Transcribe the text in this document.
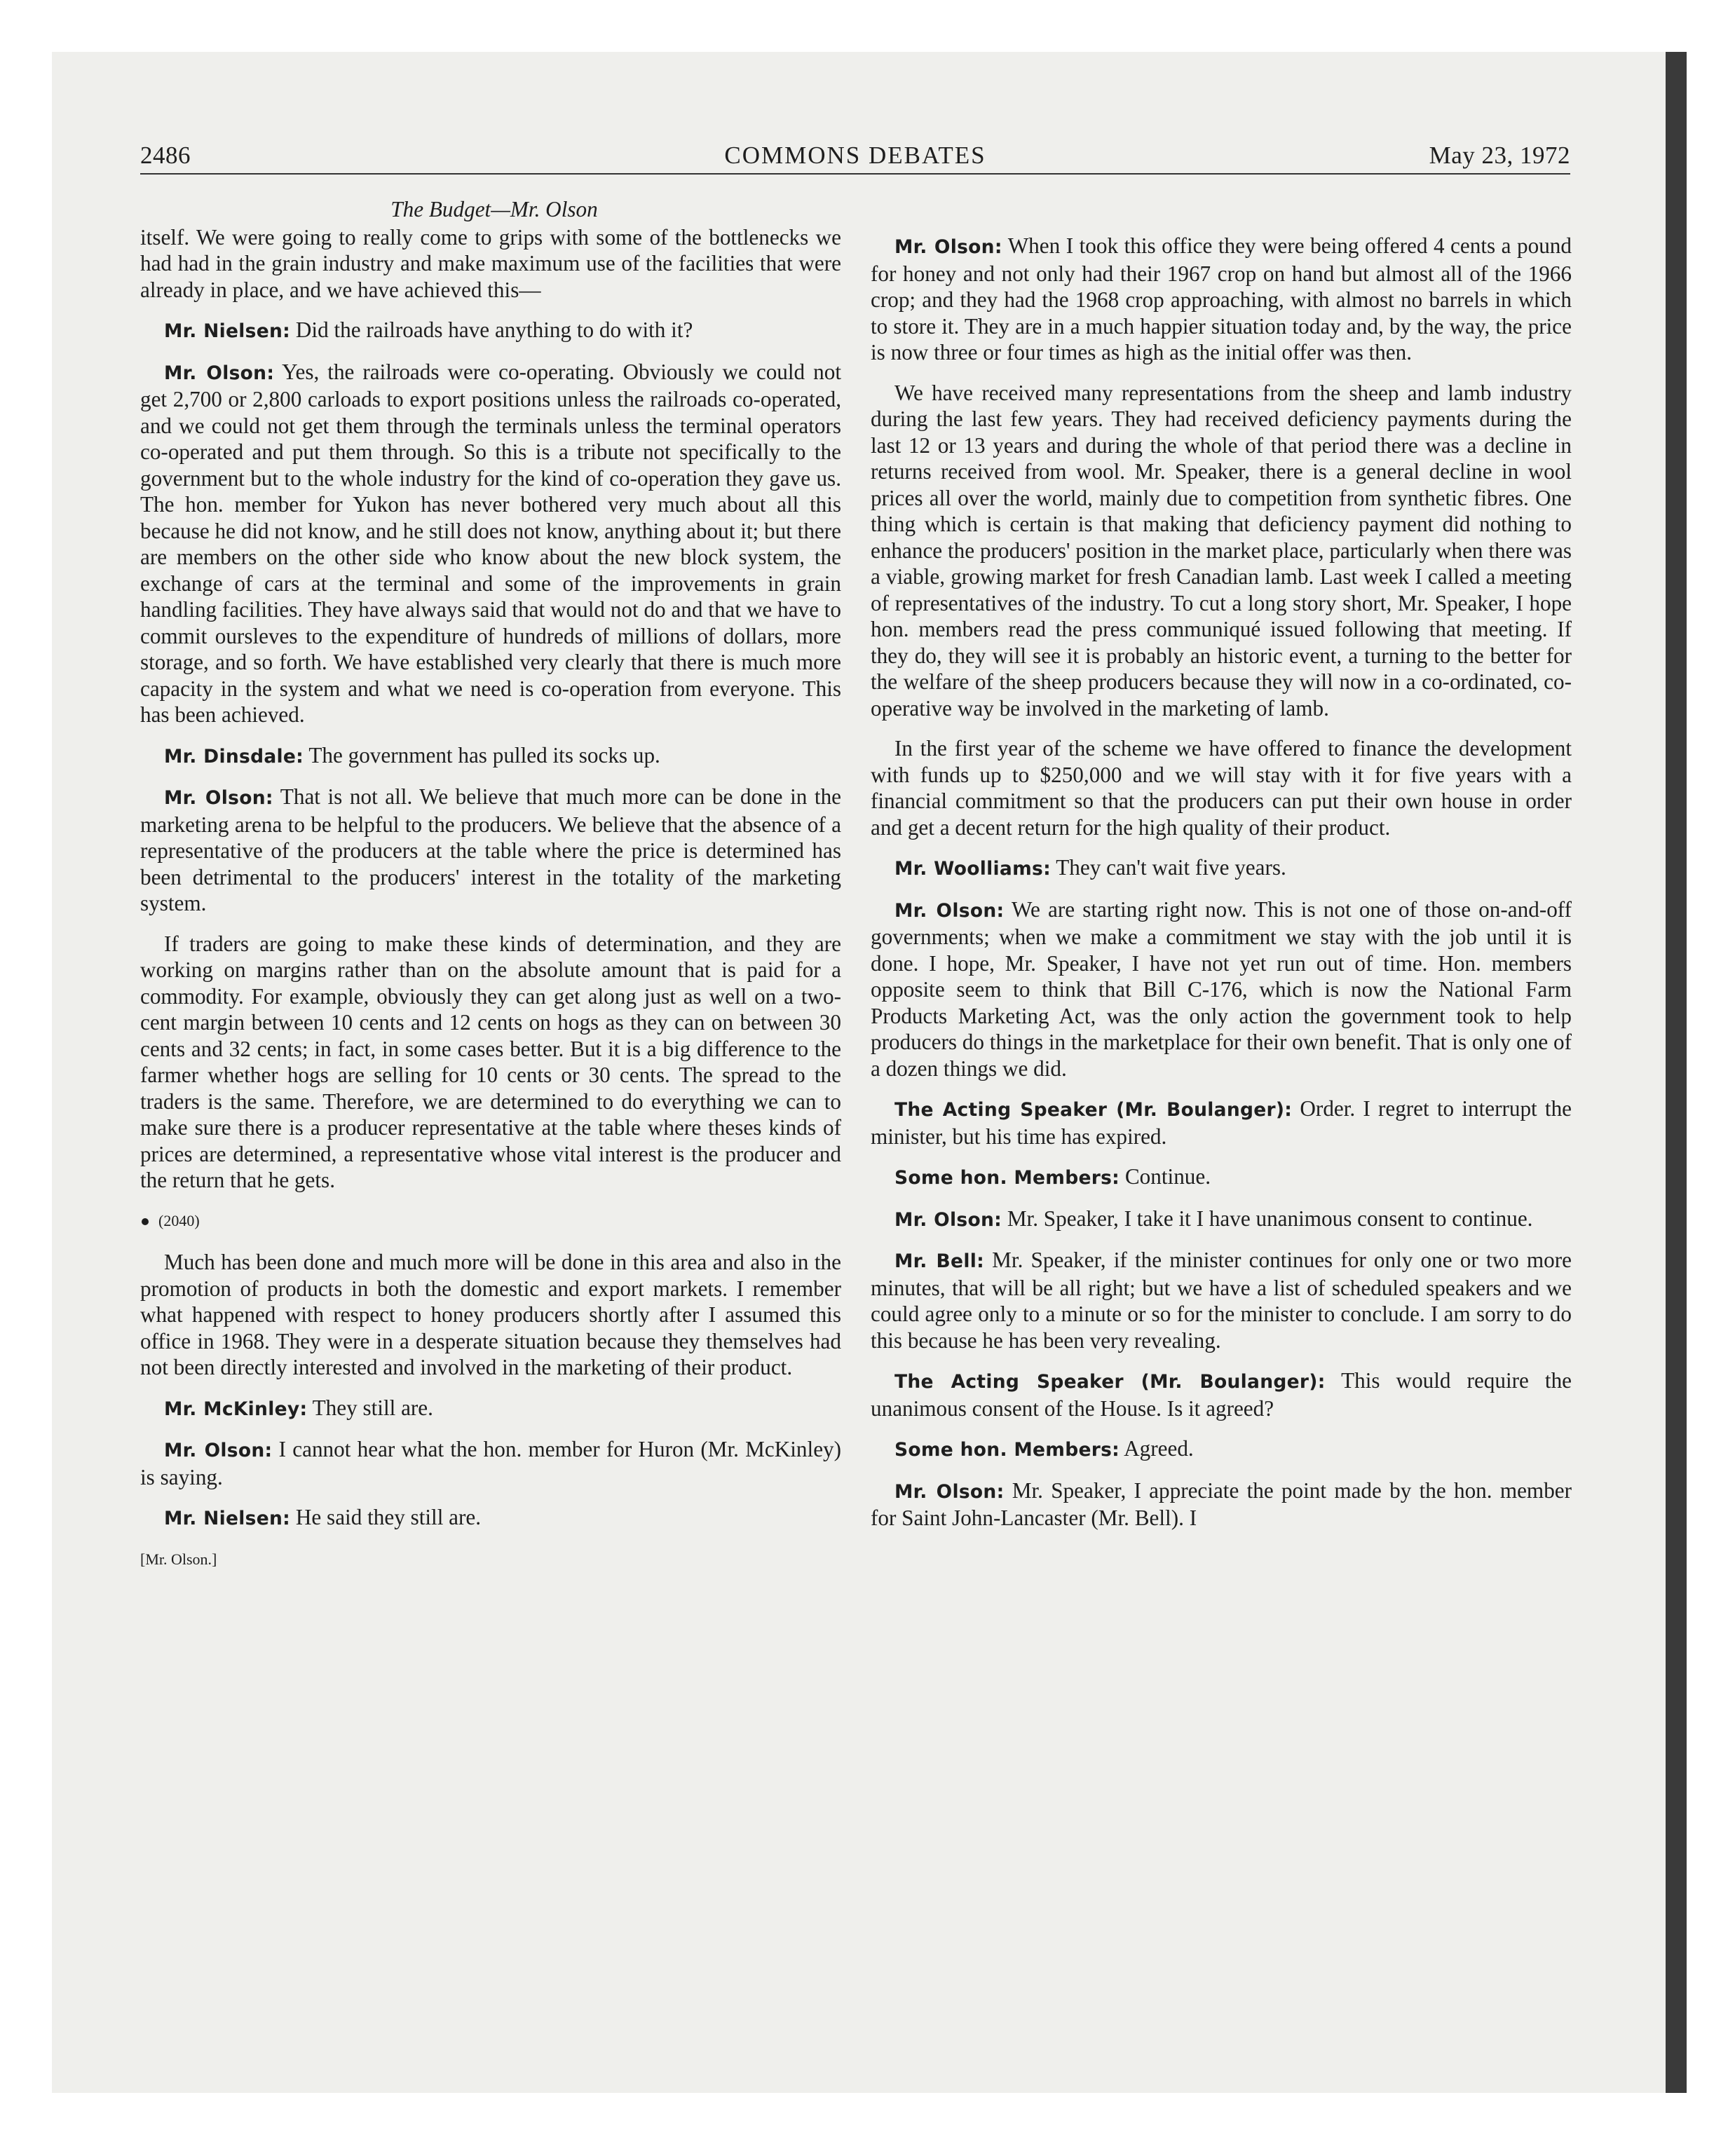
2486	COMMONS DEBATES	May 23, 1972
The Budget—Mr. Olson

itself. We were going to really come to grips with some of the bottlenecks we had had in the grain industry and make maximum use of the facilities that were already in place, and we have achieved this—

Mr. Nielsen: Did the railroads have anything to do with it?

Mr. Olson: Yes, the railroads were co-operating. Obviously we could not get 2,700 or 2,800 carloads to export positions unless the railroads co-operated, and we could not get them through the terminals unless the terminal operators co-operated and put them through. So this is a tribute not specifically to the government but to the whole industry for the kind of co-operation they gave us. The hon. member for Yukon has never bothered very much about all this because he did not know, and he still does not know, anything about it; but there are members on the other side who know about the new block system, the exchange of cars at the terminal and some of the improvements in grain handling facilities. They have always said that would not do and that we have to commit oursleves to the expenditure of hundreds of millions of dollars, more storage, and so forth. We have established very clearly that there is much more capacity in the system and what we need is co-operation from everyone. This has been achieved.

Mr. Dinsdale: The government has pulled its socks up.

Mr. Olson: That is not all. We believe that much more can be done in the marketing arena to be helpful to the producers. We believe that the absence of a representative of the producers at the table where the price is determined has been detrimental to the producers' interest in the totality of the marketing system.

If traders are going to make these kinds of determination, and they are working on margins rather than on the absolute amount that is paid for a commodity. For example, obviously they can get along just as well on a two-cent margin between 10 cents and 12 cents on hogs as they can on between 30 cents and 32 cents; in fact, in some cases better. But it is a big difference to the farmer whether hogs are selling for 10 cents or 30 cents. The spread to the traders is the same. Therefore, we are determined to do everything we can to make sure there is a producer representative at the table where theses kinds of prices are determined, a representative whose vital interest is the producer and the return that he gets.

(2040)

Much has been done and much more will be done in this area and also in the promotion of products in both the domestic and export markets. I remember what happened with respect to honey producers shortly after I assumed this office in 1968. They were in a desperate situation because they themselves had not been directly interested and involved in the marketing of their product.

Mr. McKinley: They still are.

Mr. Olson: I cannot hear what the hon. member for Huron (Mr. McKinley) is saying.

Mr. Nielsen: He said they still are.

[Mr. Olson.]

Mr. Olson: When I took this office they were being offered 4 cents a pound for honey and not only had their 1967 crop on hand but almost all of the 1966 crop; and they had the 1968 crop approaching, with almost no barrels in which to store it. They are in a much happier situation today and, by the way, the price is now three or four times as high as the initial offer was then.

We have received many representations from the sheep and lamb industry during the last few years. They had received deficiency payments during the last 12 or 13 years and during the whole of that period there was a decline in returns received from wool. Mr. Speaker, there is a general decline in wool prices all over the world, mainly due to competition from synthetic fibres. One thing which is certain is that making that deficiency payment did nothing to enhance the producers' position in the market place, particularly when there was a viable, growing market for fresh Canadian lamb. Last week I called a meeting of representatives of the industry. To cut a long story short, Mr. Speaker, I hope hon. members read the press communiqué issued following that meeting. If they do, they will see it is probably an historic event, a turning to the better for the welfare of the sheep producers because they will now in a co-ordinated, co-operative way be involved in the marketing of lamb.

In the first year of the scheme we have offered to finance the development with funds up to $250,000 and we will stay with it for five years with a financial commitment so that the producers can put their own house in order and get a decent return for the high quality of their product.

Mr. Woolliams: They can't wait five years.

Mr. Olson: We are starting right now. This is not one of those on-and-off governments; when we make a commitment we stay with the job until it is done. I hope, Mr. Speaker, I have not yet run out of time. Hon. members opposite seem to think that Bill C-176, which is now the National Farm Products Marketing Act, was the only action the government took to help producers do things in the marketplace for their own benefit. That is only one of a dozen things we did.

The Acting Speaker (Mr. Boulanger): Order. I regret to interrupt the minister, but his time has expired.

Some hon. Members: Continue.

Mr. Olson: Mr. Speaker, I take it I have unanimous consent to continue.

Mr. Bell: Mr. Speaker, if the minister continues for only one or two more minutes, that will be all right; but we have a list of scheduled speakers and we could agree only to a minute or so for the minister to conclude. I am sorry to do this because he has been very revealing.

The Acting Speaker (Mr. Boulanger): This would require the unanimous consent of the House. Is it agreed?

Some hon. Members: Agreed.

Mr. Olson: Mr. Speaker, I appreciate the point made by the hon. member for Saint John-Lancaster (Mr. Bell). I
